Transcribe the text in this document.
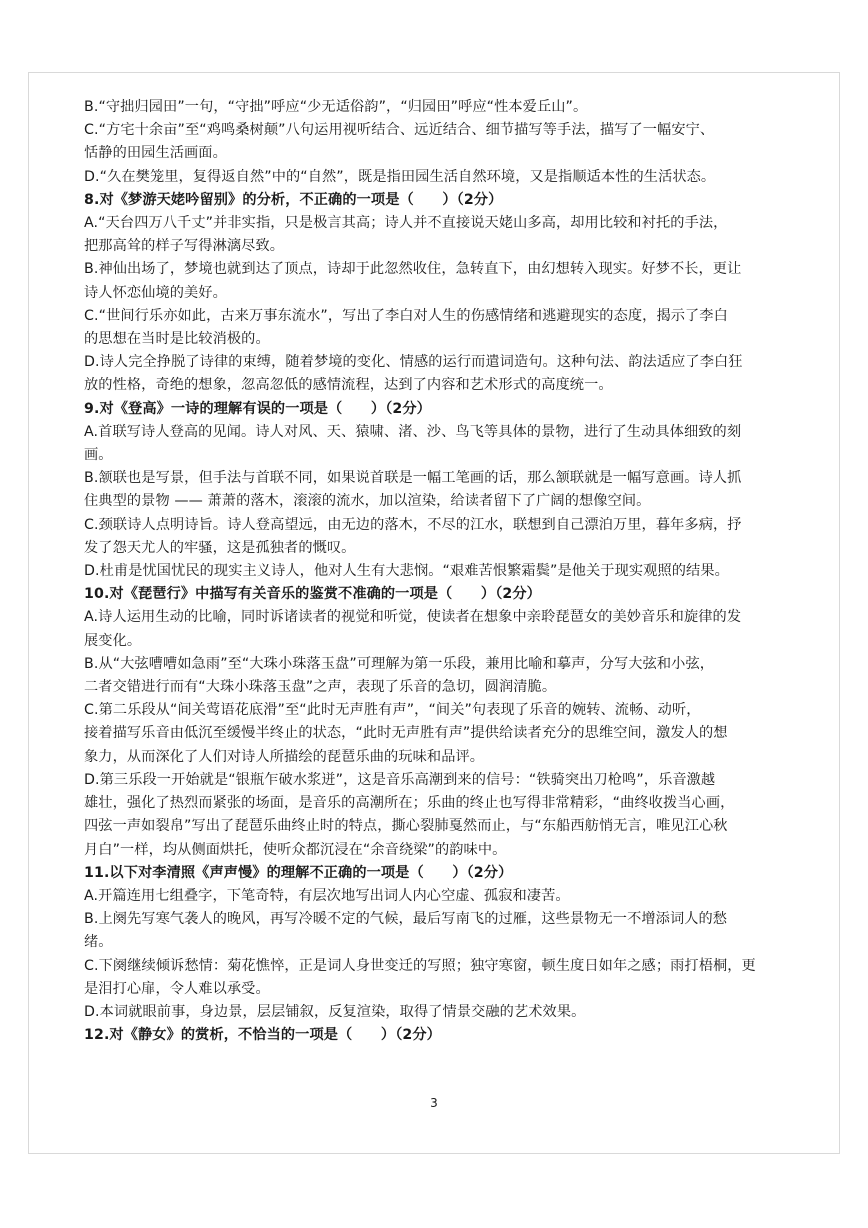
B.“守拙归园田”一句，“守拙”呼应“少无适俗韵”，“归园田”呼应“性本爱丘山”。
C.“方宅十余亩”至“鸡鸣桑树颠”八句运用视听结合、远近结合、细节描写等手法，描写了一幅安宁、
恬静的田园生活画面。
D.“久在樊笼里，复得返自然”中的“自然”，既是指田园生活自然环境，又是指顺适本性的生活状态。
8.对《梦游天姥吟留别》的分析，不正确的一项是（　　）（2分）
A.“天台四万八千丈”并非实指，只是极言其高；诗人并不直接说天姥山多高，却用比较和衬托的手法，
把那高耸的样子写得淋漓尽致。
B.神仙出场了，梦境也就到达了顶点，诗却于此忽然收住，急转直下，由幻想转入现实。好梦不长，更让
诗人怀恋仙境的美好。
C.“世间行乐亦如此，古来万事东流水”，写出了李白对人生的伤感情绪和逃避现实的态度，揭示了李白
的思想在当时是比较消极的。
D.诗人完全挣脱了诗律的束缚，随着梦境的变化、情感的运行而遣词造句。这种句法、韵法适应了李白狂
放的性格，奇绝的想象，忽高忽低的感情流程，达到了内容和艺术形式的高度统一。
9.对《登高》一诗的理解有误的一项是（　　）（2分）
A.首联写诗人登高的见闻。诗人对风、天、猿啸、渚、沙、鸟飞等具体的景物，进行了生动具体细致的刻
画。
B.颔联也是写景，但手法与首联不同，如果说首联是一幅工笔画的话，那么颔联就是一幅写意画。诗人抓
住典型的景物 —— 萧萧的落木，滚滚的流水，加以渲染，给读者留下了广阔的想像空间。
C.颈联诗人点明诗旨。诗人登高望远，由无边的落木，不尽的江水，联想到自己漂泊万里，暮年多病，抒
发了怨天尤人的牢骚，这是孤独者的慨叹。
D.杜甫是忧国忧民的现实主义诗人，他对人生有大悲悯。“艰难苦恨繁霜鬓”是他关于现实观照的结果。
10.对《琵琶行》中描写有关音乐的鉴赏不准确的一项是（　　）（2分）
A.诗人运用生动的比喻，同时诉诸读者的视觉和听觉，使读者在想象中亲聆琵琶女的美妙音乐和旋律的发
展变化。
B.从“大弦嘈嘈如急雨”至“大珠小珠落玉盘”可理解为第一乐段，兼用比喻和摹声，分写大弦和小弦，
二者交错进行而有“大珠小珠落玉盘”之声，表现了乐音的急切，圆润清脆。
C.第二乐段从“间关莺语花底滑”至“此时无声胜有声”，“间关”句表现了乐音的婉转、流畅、动听，
接着描写乐音由低沉至缓慢半终止的状态，“此时无声胜有声”提供给读者充分的思维空间，激发人的想
象力，从而深化了人们对诗人所描绘的琵琶乐曲的玩味和品评。
D.第三乐段一开始就是“银瓶乍破水浆迸”，这是音乐高潮到来的信号：“铁骑突出刀枪鸣”，乐音激越
雄壮，强化了热烈而紧张的场面，是音乐的高潮所在；乐曲的终止也写得非常精彩，“曲终收拨当心画，
四弦一声如裂帛”写出了琵琶乐曲终止时的特点，撕心裂肺戛然而止，与“东船西舫悄无言，唯见江心秋
月白”一样，均从侧面烘托，使听众都沉浸在“余音绕梁”的韵味中。
11.以下对李清照《声声慢》的理解不正确的一项是（　　）（2分）
A.开篇连用七组叠字，下笔奇特，有层次地写出词人内心空虚、孤寂和凄苦。
B.上阕先写寒气袭人的晚风，再写冷暖不定的气候，最后写南飞的过雁，这些景物无一不增添词人的愁
绪。
C.下阕继续倾诉愁情：菊花憔悴，正是词人身世变迁的写照；独守寒窗，顿生度日如年之感；雨打梧桐，更
是泪打心扉，令人难以承受。
D.本词就眼前事，身边景，层层铺叙，反复渲染，取得了情景交融的艺术效果。
12.对《静女》的赏析，不恰当的一项是（　　）（2分）
3
